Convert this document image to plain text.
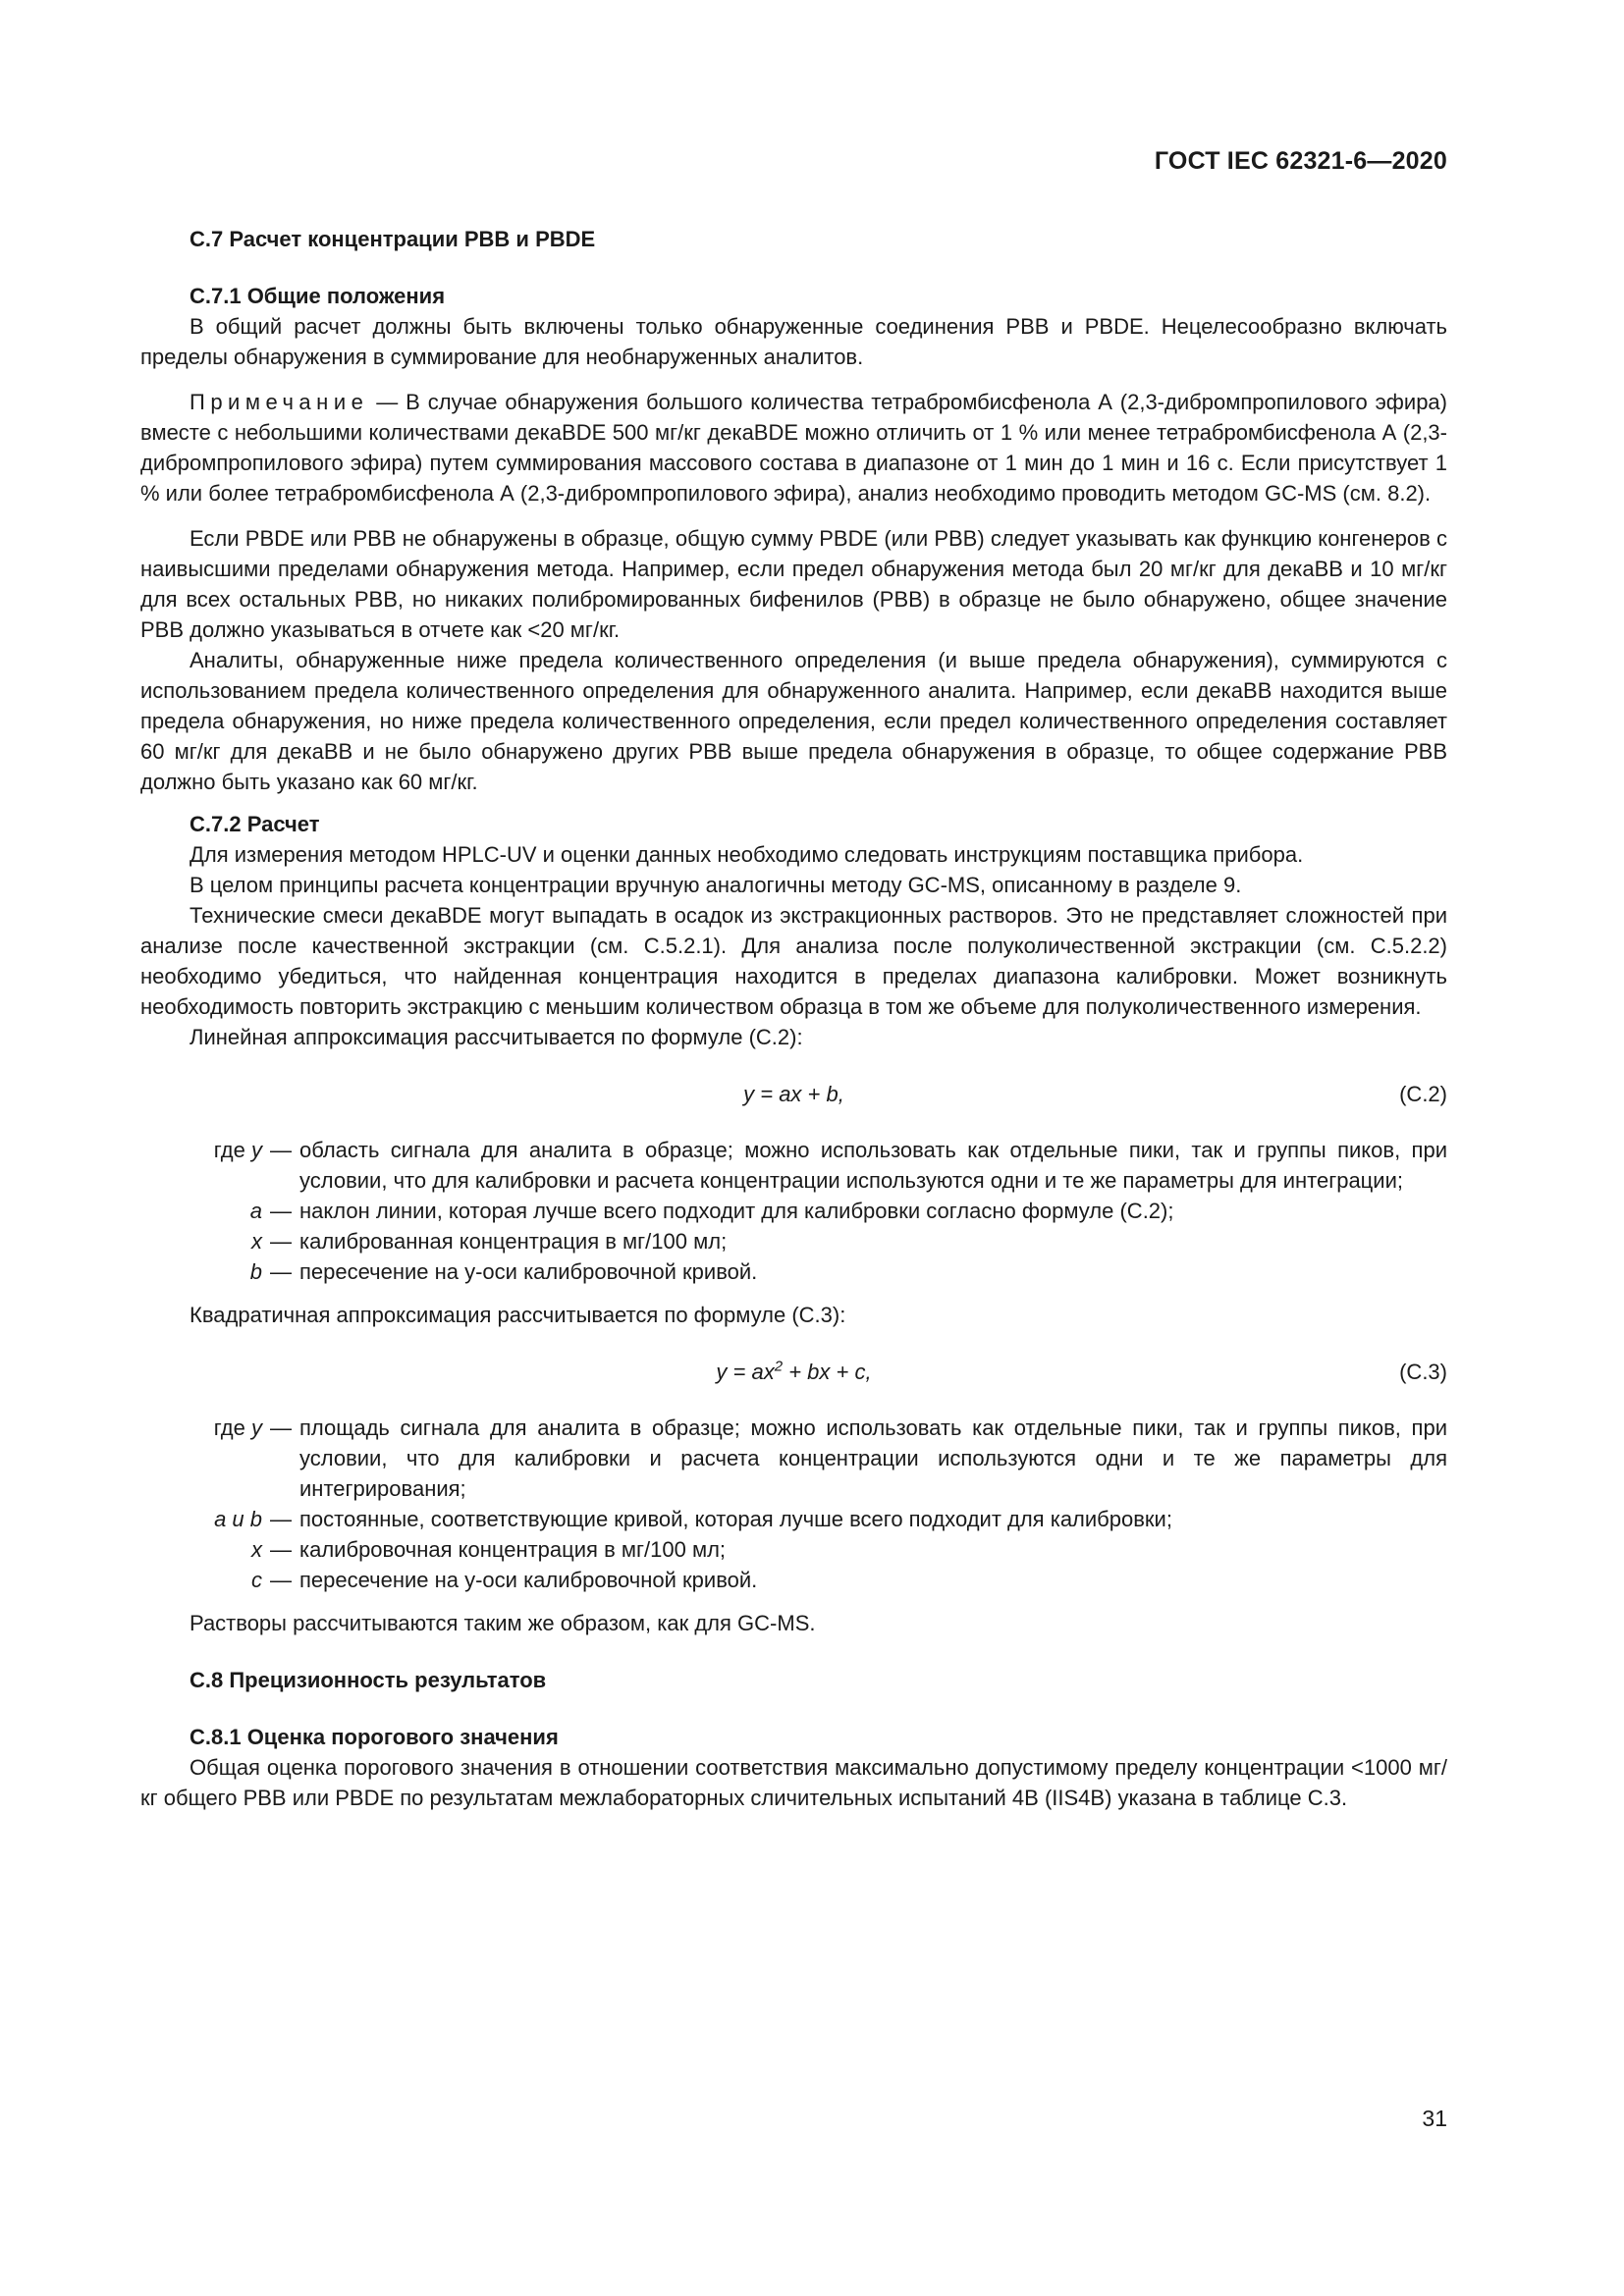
ГОСТ IEC 62321-6—2020

С.7 Расчет концентрации PBB и PBDE

С.7.1 Общие положения

В общий расчет должны быть включены только обнаруженные соединения PBB и PBDE. Нецелесообразно включать пределы обнаружения в суммирование для необнаруженных аналитов.

Примечание — В случае обнаружения большого количества тетрабромбисфенола А (2,3-дибромпропилового эфира) вместе с небольшими количествами декаBDE 500 мг/кг декаBDE можно отличить от 1 % или менее тетрабромбисфенола А (2,3-дибромпропилового эфира) путем суммирования массового состава в диапазоне от 1 мин до 1 мин и 16 с. Если присутствует 1 % или более тетрабромбисфенола А (2,3-дибромпропилового эфира), анализ необходимо проводить методом GC-MS (см. 8.2).

Если PBDE или PBB не обнаружены в образце, общую сумму PBDE (или PBB) следует указывать как функцию конгенеров с наивысшими пределами обнаружения метода. Например, если предел обнаружения метода был 20 мг/кг для декаBB и 10 мг/кг для всех остальных PBB, но никаких полибромированных бифенилов (PBB) в образце не было обнаружено, общее значение PBB должно указываться в отчете как <20 мг/кг.

Аналиты, обнаруженные ниже предела количественного определения (и выше предела обнаружения), суммируются с использованием предела количественного определения для обнаруженного аналита. Например, если декаBB находится выше предела обнаружения, но ниже предела количественного определения, если предел количественного определения составляет 60 мг/кг для декаBB и не было обнаружено других PBB выше предела обнаружения в образце, то общее содержание PBB должно быть указано как 60 мг/кг.

С.7.2 Расчет

Для измерения методом HPLC-UV и оценки данных необходимо следовать инструкциям поставщика прибора.

В целом принципы расчета концентрации вручную аналогичны методу GC-MS, описанному в разделе 9.

Технические смеси декаBDE могут выпадать в осадок из экстракционных растворов. Это не представляет сложностей при анализе после качественной экстракции (см. С.5.2.1). Для анализа после полуколичественной экстракции (см. С.5.2.2) необходимо убедиться, что найденная концентрация находится в пределах диапазона калибровки. Может возникнуть необходимость повторить экстракцию с меньшим количеством образца в том же объеме для полуколичественного измерения.

Линейная аппроксимация рассчитывается по формуле (С.2):

y = ax + b,	(С.2)
где y — область сигнала для аналита в образце; можно использовать как отдельные пики, так и группы пиков, при условии, что для калибровки и расчета концентрации используются одни и те же параметры для интеграции;
a — наклон линии, которая лучше всего подходит для калибровки согласно формуле (С.2);
x — калиброванная концентрация в мг/100 мл;
b — пересечение на y-оси калибровочной кривой.

Квадратичная аппроксимация рассчитывается по формуле (С.3):

$y = ax^2$ + bx + c,	(С.3)
где y — площадь сигнала для аналита в образце; можно использовать как отдельные пики, так и группы пиков, при условии, что для калибровки и расчета концентрации используются одни и те же параметры для интегрирования;
a и b — постоянные, соответствующие кривой, которая лучше всего подходит для калибровки;
x — калибровочная концентрация в мг/100 мл;
c — пересечение на y-оси калибровочной кривой.

Растворы рассчитываются таким же образом, как для GC-MS.

С.8 Прецизионность результатов

С.8.1 Оценка порогового значения

Общая оценка порогового значения в отношении соответствия максимально допустимому пределу концентрации <1000 мг/кг общего PBB или PBDE по результатам межлабораторных сличительных испытаний 4B (IIS4B) указана в таблице С.3.

31
